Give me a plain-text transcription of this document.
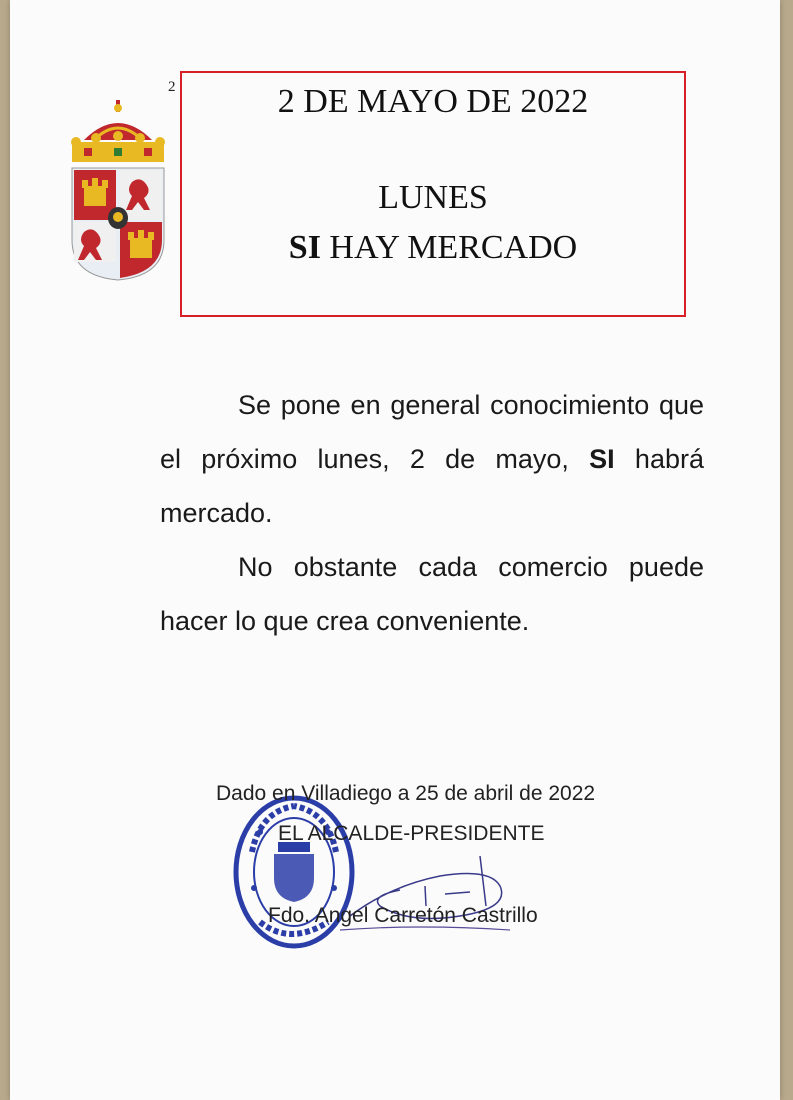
2	2 DE MAYO DE 2022
LUNES
SI HAY MERCADO

Se pone en general conocimiento que el próximo lunes, 2 de mayo, SI habrá mercado.

No obstante cada comercio puede hacer lo que crea conveniente.

Dado en Villadiego a 25 de abril de 2022
EL ALCALDE-PRESIDENTE
Fdo. Angel Carretón Castrillo
